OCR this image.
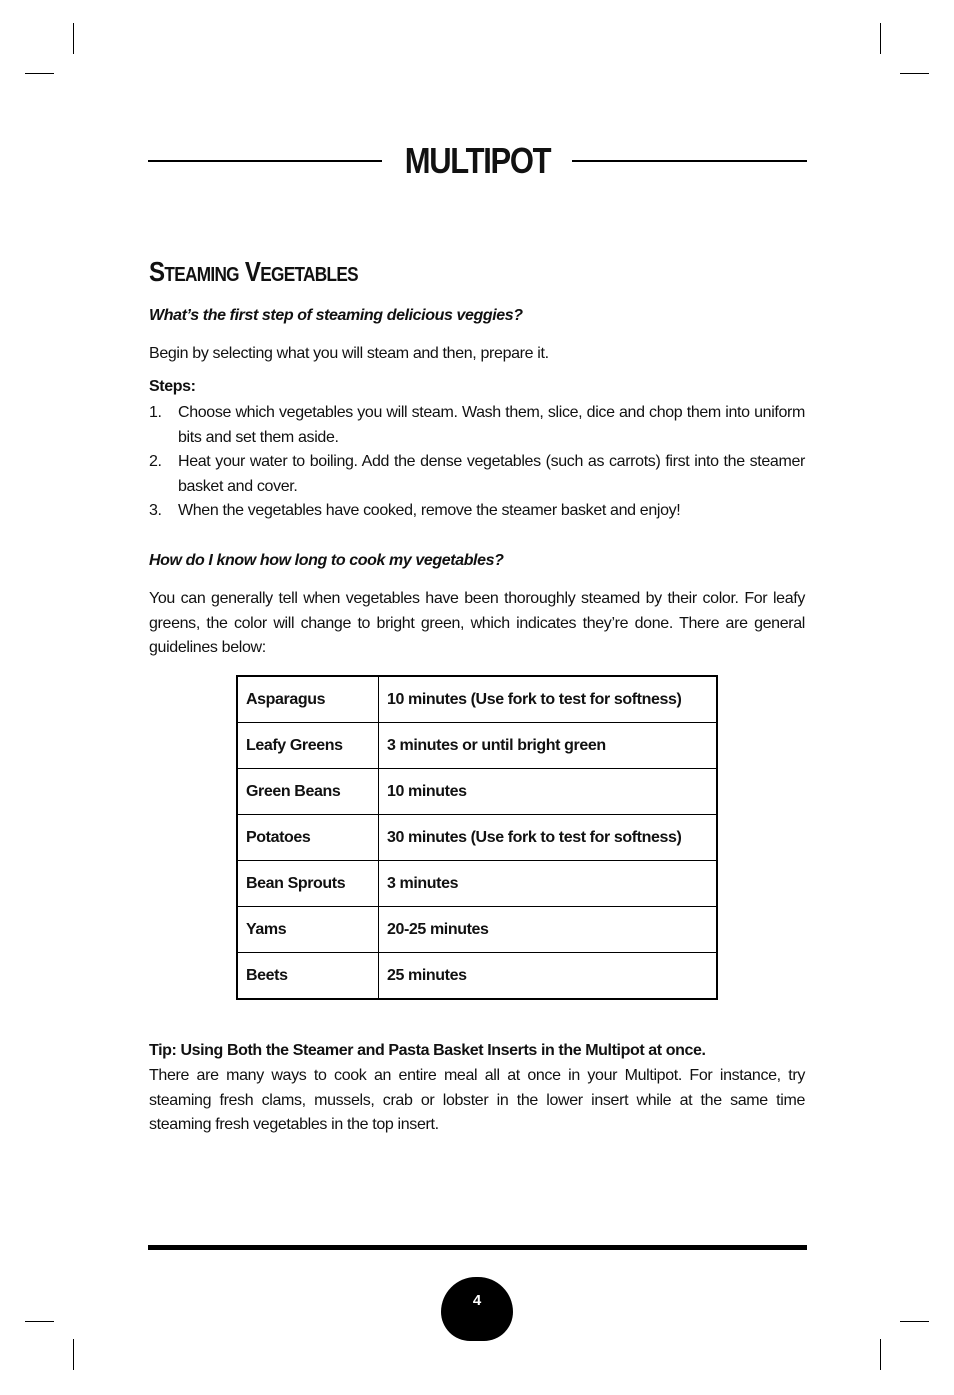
MULTIPOT
Steaming Vegetables
What’s the first step of steaming delicious veggies?
Begin by selecting what you will steam and then, prepare it.
Steps:
1. Choose which vegetables you will steam. Wash them, slice, dice and chop them into uniform bits and set them aside.
2. Heat your water to boiling. Add the dense vegetables (such as carrots) first into the steamer basket and cover.
3. When the vegetables have cooked, remove the steamer basket and enjoy!
How do I know how long to cook my vegetables?
You can generally tell when vegetables have been thoroughly steamed by their color. For leafy greens, the color will change to bright green, which indicates they’re done. There are general guidelines below:
Asparagus	10 minutes (Use fork to test for softness)
Leafy Greens	3 minutes or until bright green
Green Beans	10 minutes
Potatoes	30 minutes (Use fork to test for softness)
Bean Sprouts	3 minutes
Yams	20-25 minutes
Beets	25 minutes
Tip: Using Both the Steamer and Pasta Basket Inserts in the Multipot at once.
There are many ways to cook an entire meal all at once in your Multipot. For instance, try steaming fresh clams, mussels, crab or lobster in the lower insert while at the same time steaming fresh vegetables in the top insert.
4
